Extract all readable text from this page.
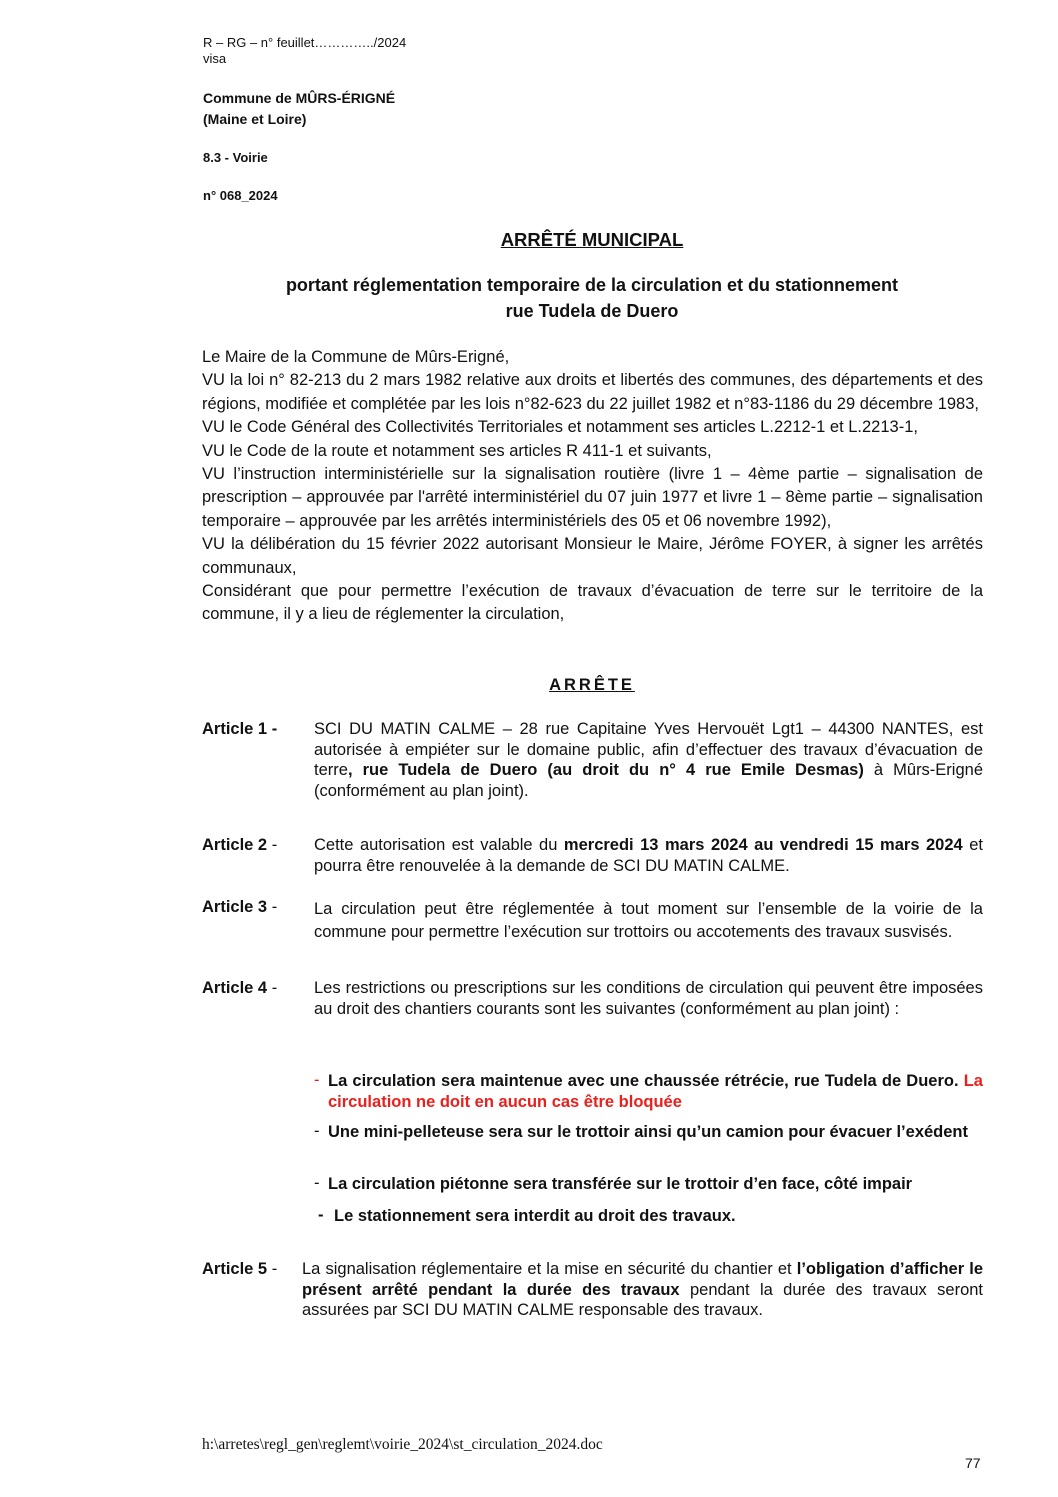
R – RG – n° feuillet…………../2024
visa
Commune de MÛRS-ÉRIGNÉ
(Maine et Loire)
8.3 - Voirie
n° 068_2024
ARRÊTÉ MUNICIPAL
portant réglementation temporaire de la circulation et du stationnement
rue Tudela de Duero
Le Maire de la Commune de Mûrs-Erigné,
VU la loi n° 82-213 du 2 mars 1982 relative aux droits et libertés des communes, des départements et des régions, modifiée et complétée par les lois n°82-623 du 22 juillet 1982 et n°83-1186 du 29 décembre 1983,
VU le Code Général des Collectivités Territoriales et notamment ses articles L.2212-1 et L.2213-1,
VU le Code de la route et notamment ses articles R 411-1 et suivants,
VU l’instruction interministérielle sur la signalisation routière (livre 1 – 4ème partie – signalisation de prescription – approuvée par l'arrêté interministériel du 07 juin 1977 et livre 1 – 8ème partie – signalisation temporaire – approuvée par les arrêtés interministériels des 05 et 06 novembre 1992),
VU la délibération du 15 février 2022 autorisant Monsieur le Maire, Jérôme FOYER, à signer les arrêtés communaux,
Considérant que pour permettre l’exécution de travaux d’évacuation de terre sur le territoire de la commune, il y a lieu de réglementer la circulation,
ARRÊTE
Article 1 - SCI DU MATIN CALME – 28 rue Capitaine Yves Hervouët Lgt1 – 44300 NANTES, est autorisée à empiéter sur le domaine public, afin d’effectuer des travaux d’évacuation de terre, rue Tudela de Duero (au droit du n° 4 rue Emile Desmas) à Mûrs-Erigné (conformément au plan joint).
Article 2 - Cette autorisation est valable du mercredi 13 mars 2024 au vendredi 15 mars 2024 et pourra être renouvelée à la demande de SCI DU MATIN CALME.
Article 3 - La circulation peut être réglementée à tout moment sur l’ensemble de la voirie de la commune pour permettre l’exécution sur trottoirs ou accotements des travaux susvisés.
Article 4 - Les restrictions ou prescriptions sur les conditions de circulation qui peuvent être imposées au droit des chantiers courants sont les suivantes (conformément au plan joint) :
- La circulation sera maintenue avec une chaussée rétrécie, rue Tudela de Duero. La circulation ne doit en aucun cas être bloquée
- Une mini-pelleteuse sera sur le trottoir ainsi qu’un camion pour évacuer l’exédent
- La circulation piétonne sera transférée sur le trottoir d’en face, côté impair
- Le stationnement sera interdit au droit des travaux.
Article 5 - La signalisation réglementaire et la mise en sécurité du chantier et l’obligation d’afficher le présent arrêté pendant la durée des travaux pendant la durée des travaux seront assurées par SCI DU MATIN CALME responsable des travaux.
h:\arretes\regl_gen\reglemt\voirie_2024\st_circulation_2024.doc
77
